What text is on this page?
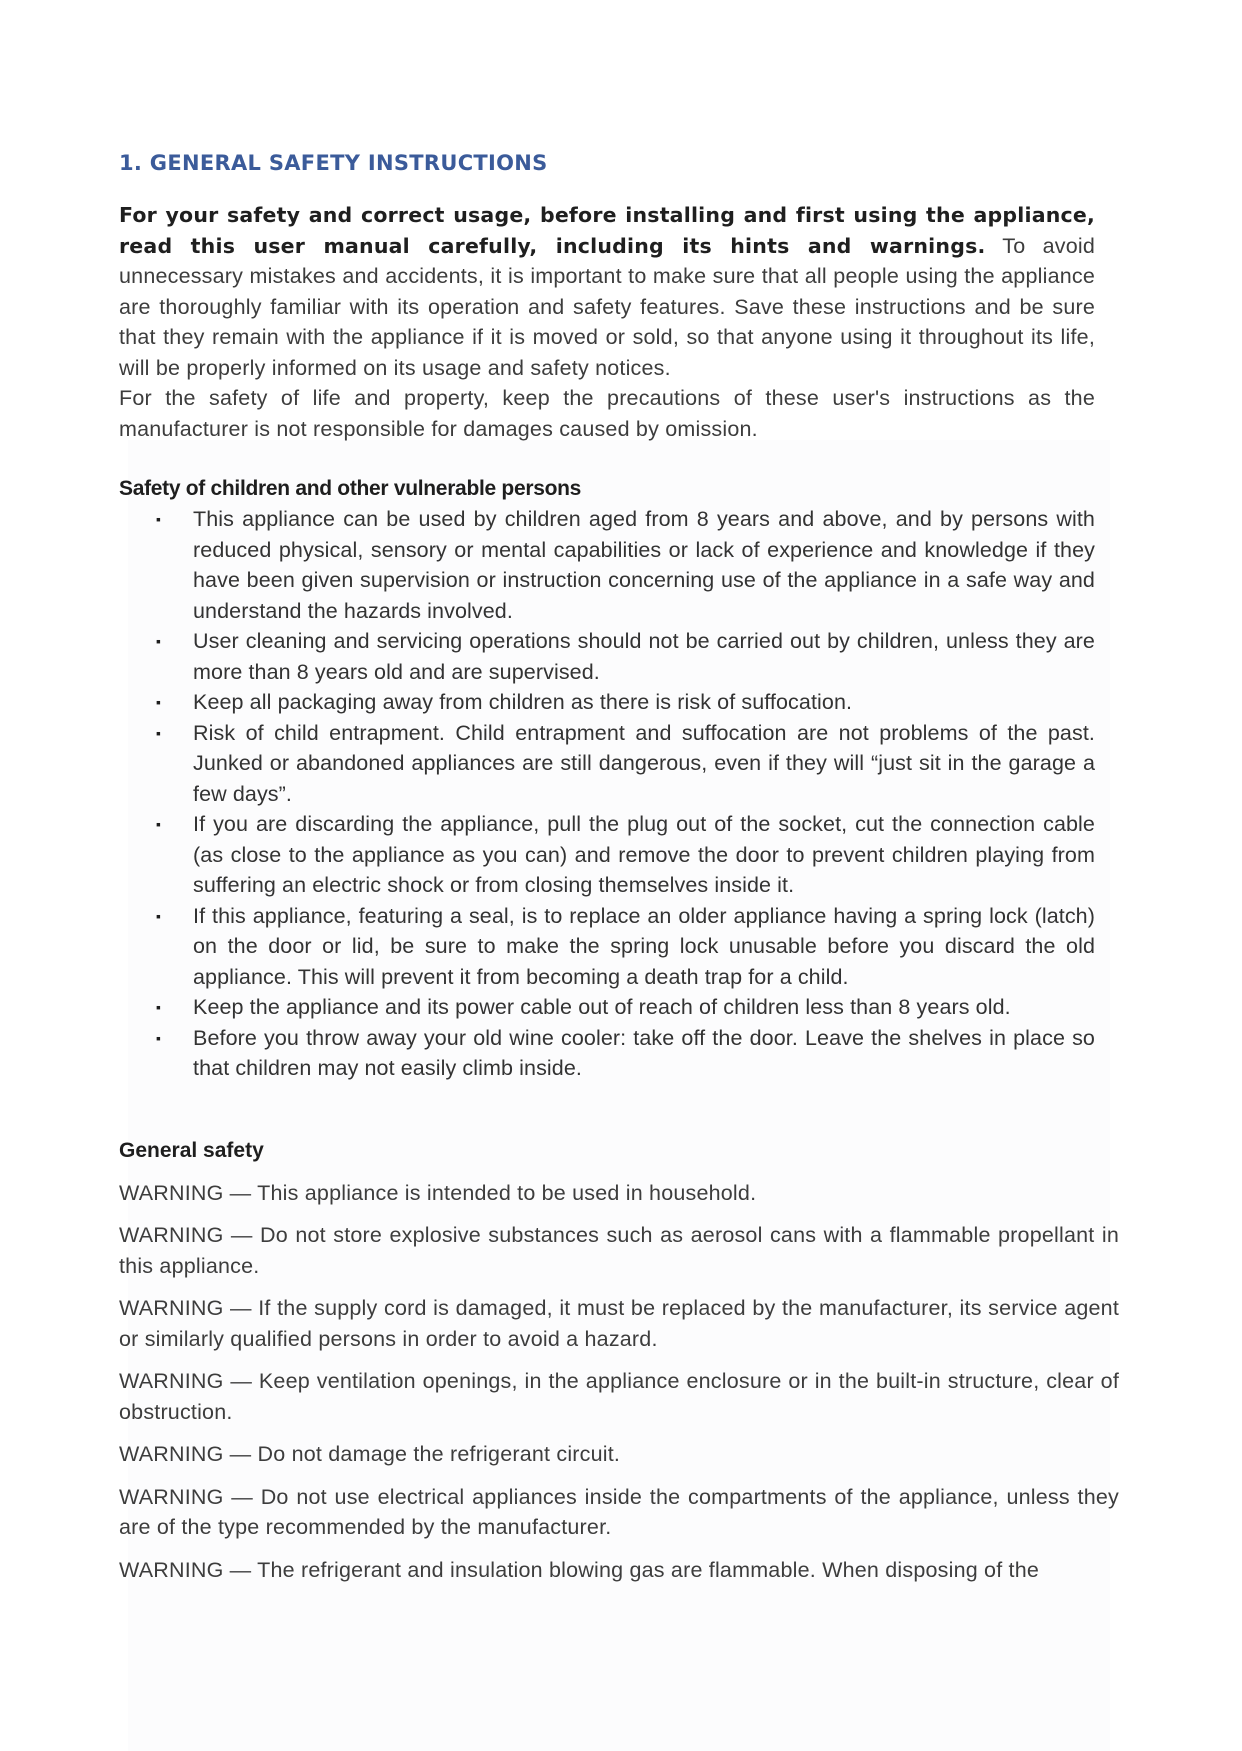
1. GENERAL SAFETY INSTRUCTIONS

For your safety and correct usage, before installing and first using the appliance, read this user manual carefully, including its hints and warnings. To avoid unnecessary mistakes and accidents, it is important to make sure that all people using the appliance are thoroughly familiar with its operation and safety features. Save these instructions and be sure that they remain with the appliance if it is moved or sold, so that anyone using it throughout its life, will be properly informed on its usage and safety notices.

For the safety of life and property, keep the precautions of these user's instructions as the manufacturer is not responsible for damages caused by omission.

Safety of children and other vulnerable persons
▪ This appliance can be used by children aged from 8 years and above, and by persons with reduced physical, sensory or mental capabilities or lack of experience and knowledge if they have been given supervision or instruction concerning use of the appliance in a safe way and understand the hazards involved.
▪ User cleaning and servicing operations should not be carried out by children, unless they are more than 8 years old and are supervised.
▪ Keep all packaging away from children as there is risk of suffocation.
▪ Risk of child entrapment. Child entrapment and suffocation are not problems of the past. Junked or abandoned appliances are still dangerous, even if they will “just sit in the garage a few days”.
▪ If you are discarding the appliance, pull the plug out of the socket, cut the connection cable (as close to the appliance as you can) and remove the door to prevent children playing from suffering an electric shock or from closing themselves inside it.
▪ If this appliance, featuring a seal, is to replace an older appliance having a spring lock (latch) on the door or lid, be sure to make the spring lock unusable before you discard the old appliance. This will prevent it from becoming a death trap for a child.
▪ Keep the appliance and its power cable out of reach of children less than 8 years old.
▪ Before you throw away your old wine cooler: take off the door. Leave the shelves in place so that children may not easily climb inside.
General safety

WARNING — This appliance is intended to be used in household.

WARNING — Do not store explosive substances such as aerosol cans with a flammable propellant in this appliance.

WARNING — If the supply cord is damaged, it must be replaced by the manufacturer, its service agent or similarly qualified persons in order to avoid a hazard.

WARNING — Keep ventilation openings, in the appliance enclosure or in the built-in structure, clear of obstruction.

WARNING — Do not damage the refrigerant circuit.

WARNING — Do not use electrical appliances inside the compartments of the appliance, unless they are of the type recommended by the manufacturer.

WARNING — The refrigerant and insulation blowing gas are flammable. When disposing of the
